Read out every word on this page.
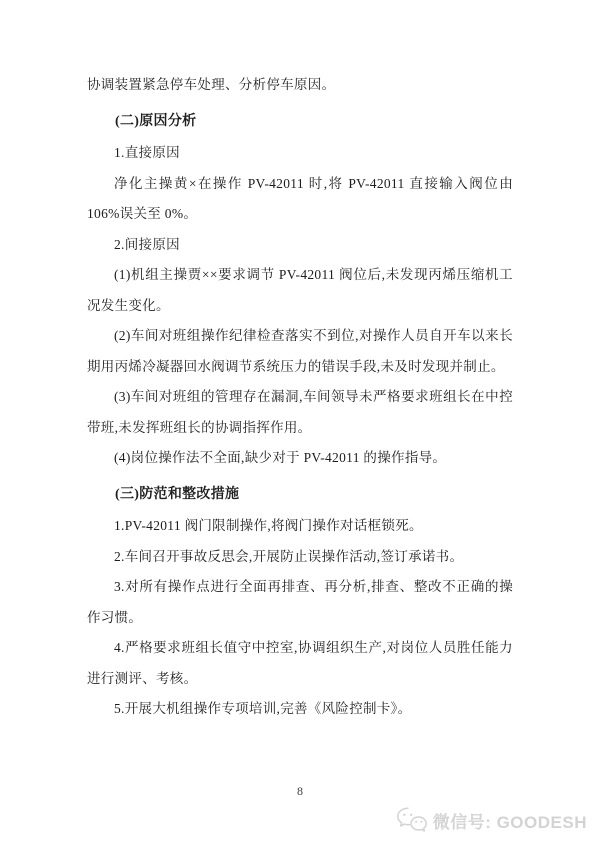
协调装置紧急停车处理、分析停车原因。

(二)原因分析

1.直接原因

净化主操黄×在操作 PV-42011 时,将 PV-42011 直接输入阀位由 106%误关至 0%。

2.间接原因

(1)机组主操贾××要求调节 PV-42011 阀位后,未发现丙烯压缩机工况发生变化。

(2)车间对班组操作纪律检查落实不到位,对操作人员自开车以来长期用丙烯冷凝器回水阀调节系统压力的错误手段,未及时发现并制止。

(3)车间对班组的管理存在漏洞,车间领导未严格要求班组长在中控带班,未发挥班组长的协调指挥作用。

(4)岗位操作法不全面,缺少对于 PV-42011 的操作指导。

(三)防范和整改措施

1.PV-42011 阀门限制操作,将阀门操作对话框锁死。

2.车间召开事故反思会,开展防止误操作活动,签订承诺书。

3.对所有操作点进行全面再排查、再分析,排查、整改不正确的操作习惯。

4.严格要求班组长值守中控室,协调组织生产,对岗位人员胜任能力进行测评、考核。

5.开展大机组操作专项培训,完善《风险控制卡》。

8
微信号: GOODESH
